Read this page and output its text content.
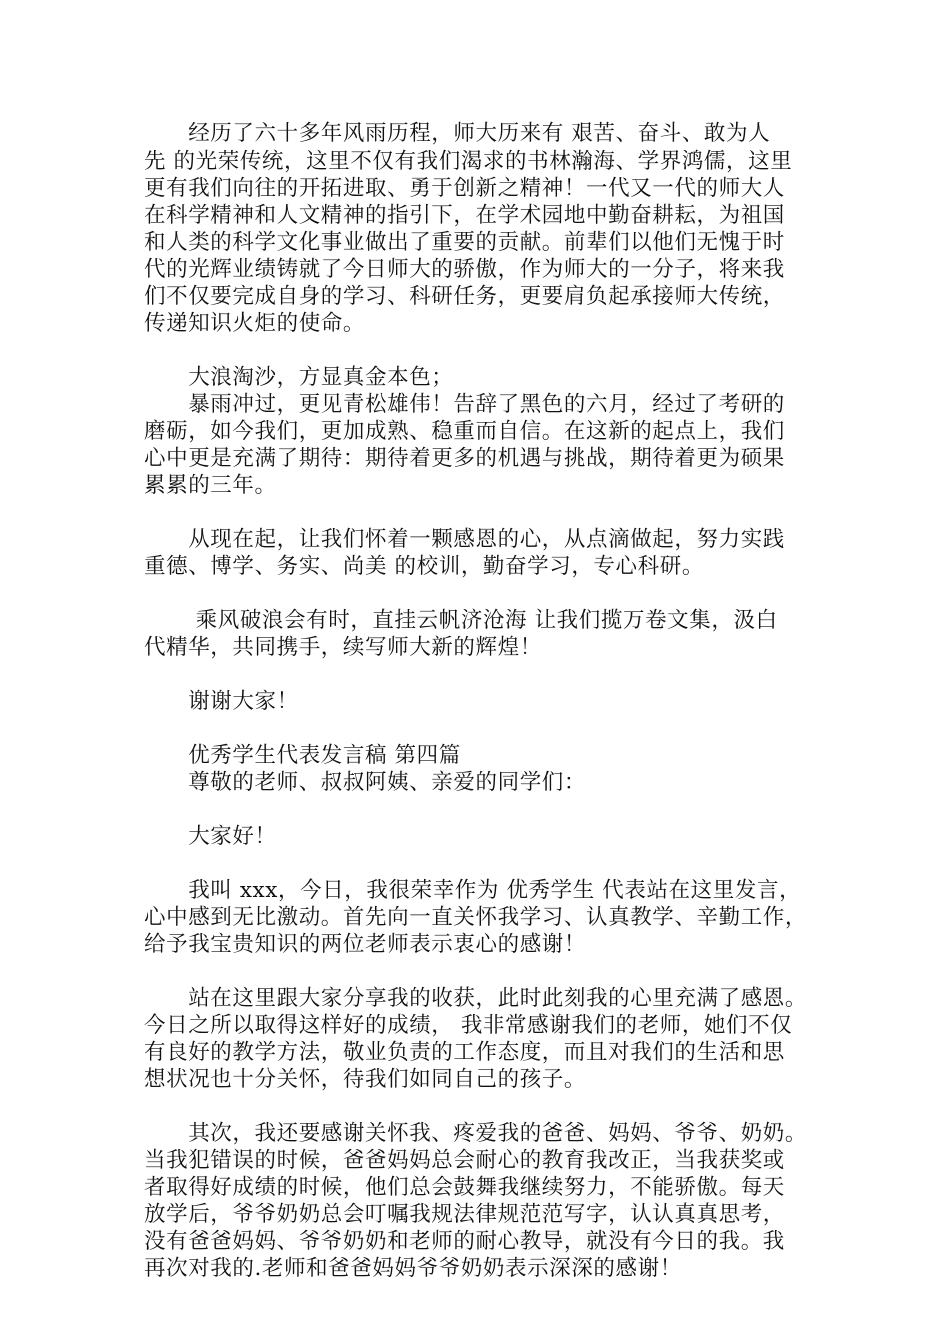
　　经历了六十多年风雨历程，师大历来有 艰苦、奋斗、敢为人
先 的光荣传统，这里不仅有我们渴求的书林瀚海、学界鸿儒，这里
更有我们向往的开拓进取、勇于创新之精神！一代又一代的师大人
在科学精神和人文精神的指引下，在学术园地中勤奋耕耘，为祖国
和人类的科学文化事业做出了重要的贡献。前辈们以他们无愧于时
代的光辉业绩铸就了今日师大的骄傲，作为师大的一分子，将来我
们不仅要完成自身的学习、科研任务，更要肩负起承接师大传统，
传递知识火炬的使命。
　　大浪淘沙，方显真金本色；
　　暴雨冲过，更见青松雄伟！告辞了黑色的六月，经过了考研的
磨砺，如今我们，更加成熟、稳重而自信。在这新的起点上，我们
心中更是充满了期待：期待着更多的机遇与挑战，期待着更为硕果
累累的三年。
　　从现在起，让我们怀着一颗感恩的心，从点滴做起，努力实践
重德、博学、务实、尚美 的校训，勤奋学习，专心科研。
　　 乘风破浪会有时，直挂云帆济沧海 让我们揽万卷文集，汲白
代精华，共同携手，续写师大新的辉煌！
　　谢谢大家！
　　优秀学生代表发言稿 第四篇
　　尊敬的老师、叔叔阿姨、亲爱的同学们：
　　大家好！
　　我叫 xxx，今日，我很荣幸作为 优秀学生 代表站在这里发言，
心中感到无比激动。首先向一直关怀我学习、认真教学、辛勤工作，
给予我宝贵知识的两位老师表示衷心的感谢！
　　站在这里跟大家分享我的收获，此时此刻我的心里充满了感恩。
今日之所以取得这样好的成绩， 我非常感谢我们的老师，她们不仅
有良好的教学方法，敬业负责的工作态度，而且对我们的生活和思
想状况也十分关怀，待我们如同自己的孩子。
　　其次，我还要感谢关怀我、疼爱我的爸爸、妈妈、爷爷、奶奶。
当我犯错误的时候，爸爸妈妈总会耐心的教育我改正，当我获奖或
者取得好成绩的时候，他们总会鼓舞我继续努力，不能骄傲。每天
放学后，爷爷奶奶总会叮嘱我规法律规范范写字，认认真真思考，
没有爸爸妈妈、爷爷奶奶和老师的耐心教导，就没有今日的我。我
再次对我的.老师和爸爸妈妈爷爷奶奶表示深深的感谢！
